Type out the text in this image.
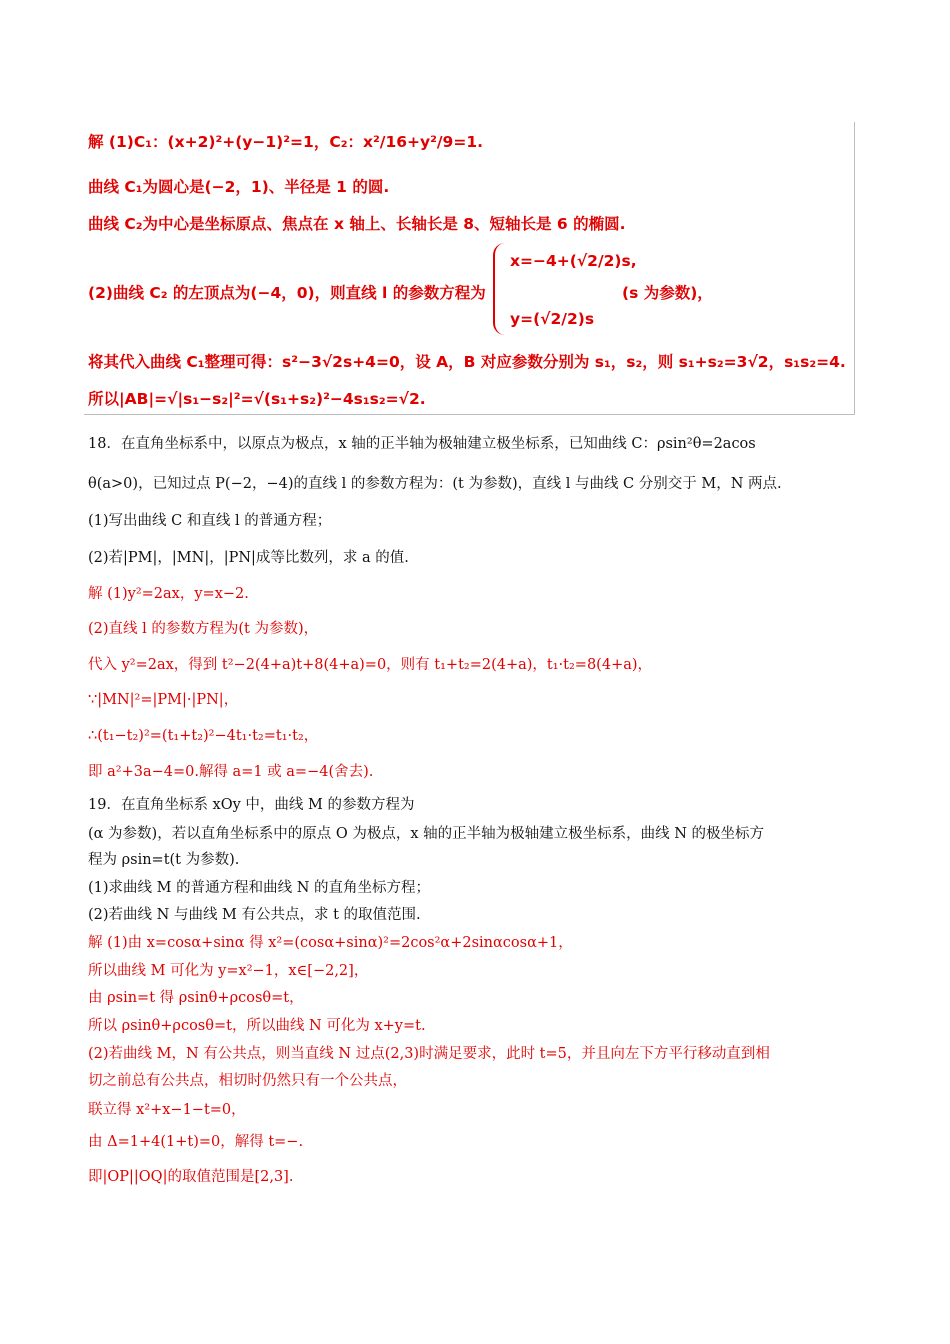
解 (1)C₁：(x+2)²+(y−1)²=1，C₂：x²/16+y²/9=1.
曲线 C₁为圆心是(−2，1)、半径是 1 的圆.
曲线 C₂为中心是坐标原点、焦点在 x 轴上、长轴长是 8、短轴长是 6 的椭圆.
x=−4+(√2/2)s,
(2)曲线 C₂ 的左顶点为(−4，0)，则直线 l 的参数方程为	(s 为参数)，
y=(√2/2)s
将其代入曲线 C₁整理可得：s²−3√2s+4=0，设 A，B 对应参数分别为 s₁，s₂，则 s₁+s₂=3√2，s₁s₂=4.
所以|AB|=√|s₁−s₂|²=√(s₁+s₂)²−4s₁s₂=√2.
18．在直角坐标系中，以原点为极点，x 轴的正半轴为极轴建立极坐标系，已知曲线 C：ρsin²θ=2acos
θ(a>0)，已知过点 P(−2，−4)的直线 l 的参数方程为：(t 为参数)，直线 l 与曲线 C 分别交于 M，N 两点.
(1)写出曲线 C 和直线 l 的普通方程；
(2)若|PM|，|MN|，|PN|成等比数列，求 a 的值.
解 (1)y²=2ax，y=x−2.
(2)直线 l 的参数方程为(t 为参数)，
代入 y²=2ax，得到 t²−2(4+a)t+8(4+a)=0，则有 t₁+t₂=2(4+a)，t₁·t₂=8(4+a)，
∵|MN|²=|PM|·|PN|，
∴(t₁−t₂)²=(t₁+t₂)²−4t₁·t₂=t₁·t₂，
即 a²+3a−4=0.解得 a=1 或 a=−4(舍去).
19．在直角坐标系 xOy 中，曲线 M 的参数方程为
(α 为参数)，若以直角坐标系中的原点 O 为极点，x 轴的正半轴为极轴建立极坐标系，曲线 N 的极坐标方
程为 ρsin=t(t 为参数).
(1)求曲线 M 的普通方程和曲线 N 的直角坐标方程；
(2)若曲线 N 与曲线 M 有公共点，求 t 的取值范围.
解 (1)由 x=cosα+sinα 得 x²=(cosα+sinα)²=2cos²α+2sinαcosα+1，
所以曲线 M 可化为 y=x²−1，x∈[−2,2]，
由 ρsin=t 得 ρsinθ+ρcosθ=t，
所以 ρsinθ+ρcosθ=t，所以曲线 N 可化为 x+y=t.
(2)若曲线 M，N 有公共点，则当直线 N 过点(2,3)时满足要求，此时 t=5，并且向左下方平行移动直到相
切之前总有公共点，相切时仍然只有一个公共点，
联立得 x²+x−1−t=0，
由 Δ=1+4(1+t)=0，解得 t=−.
即|OP||OQ|的取值范围是[2,3].
